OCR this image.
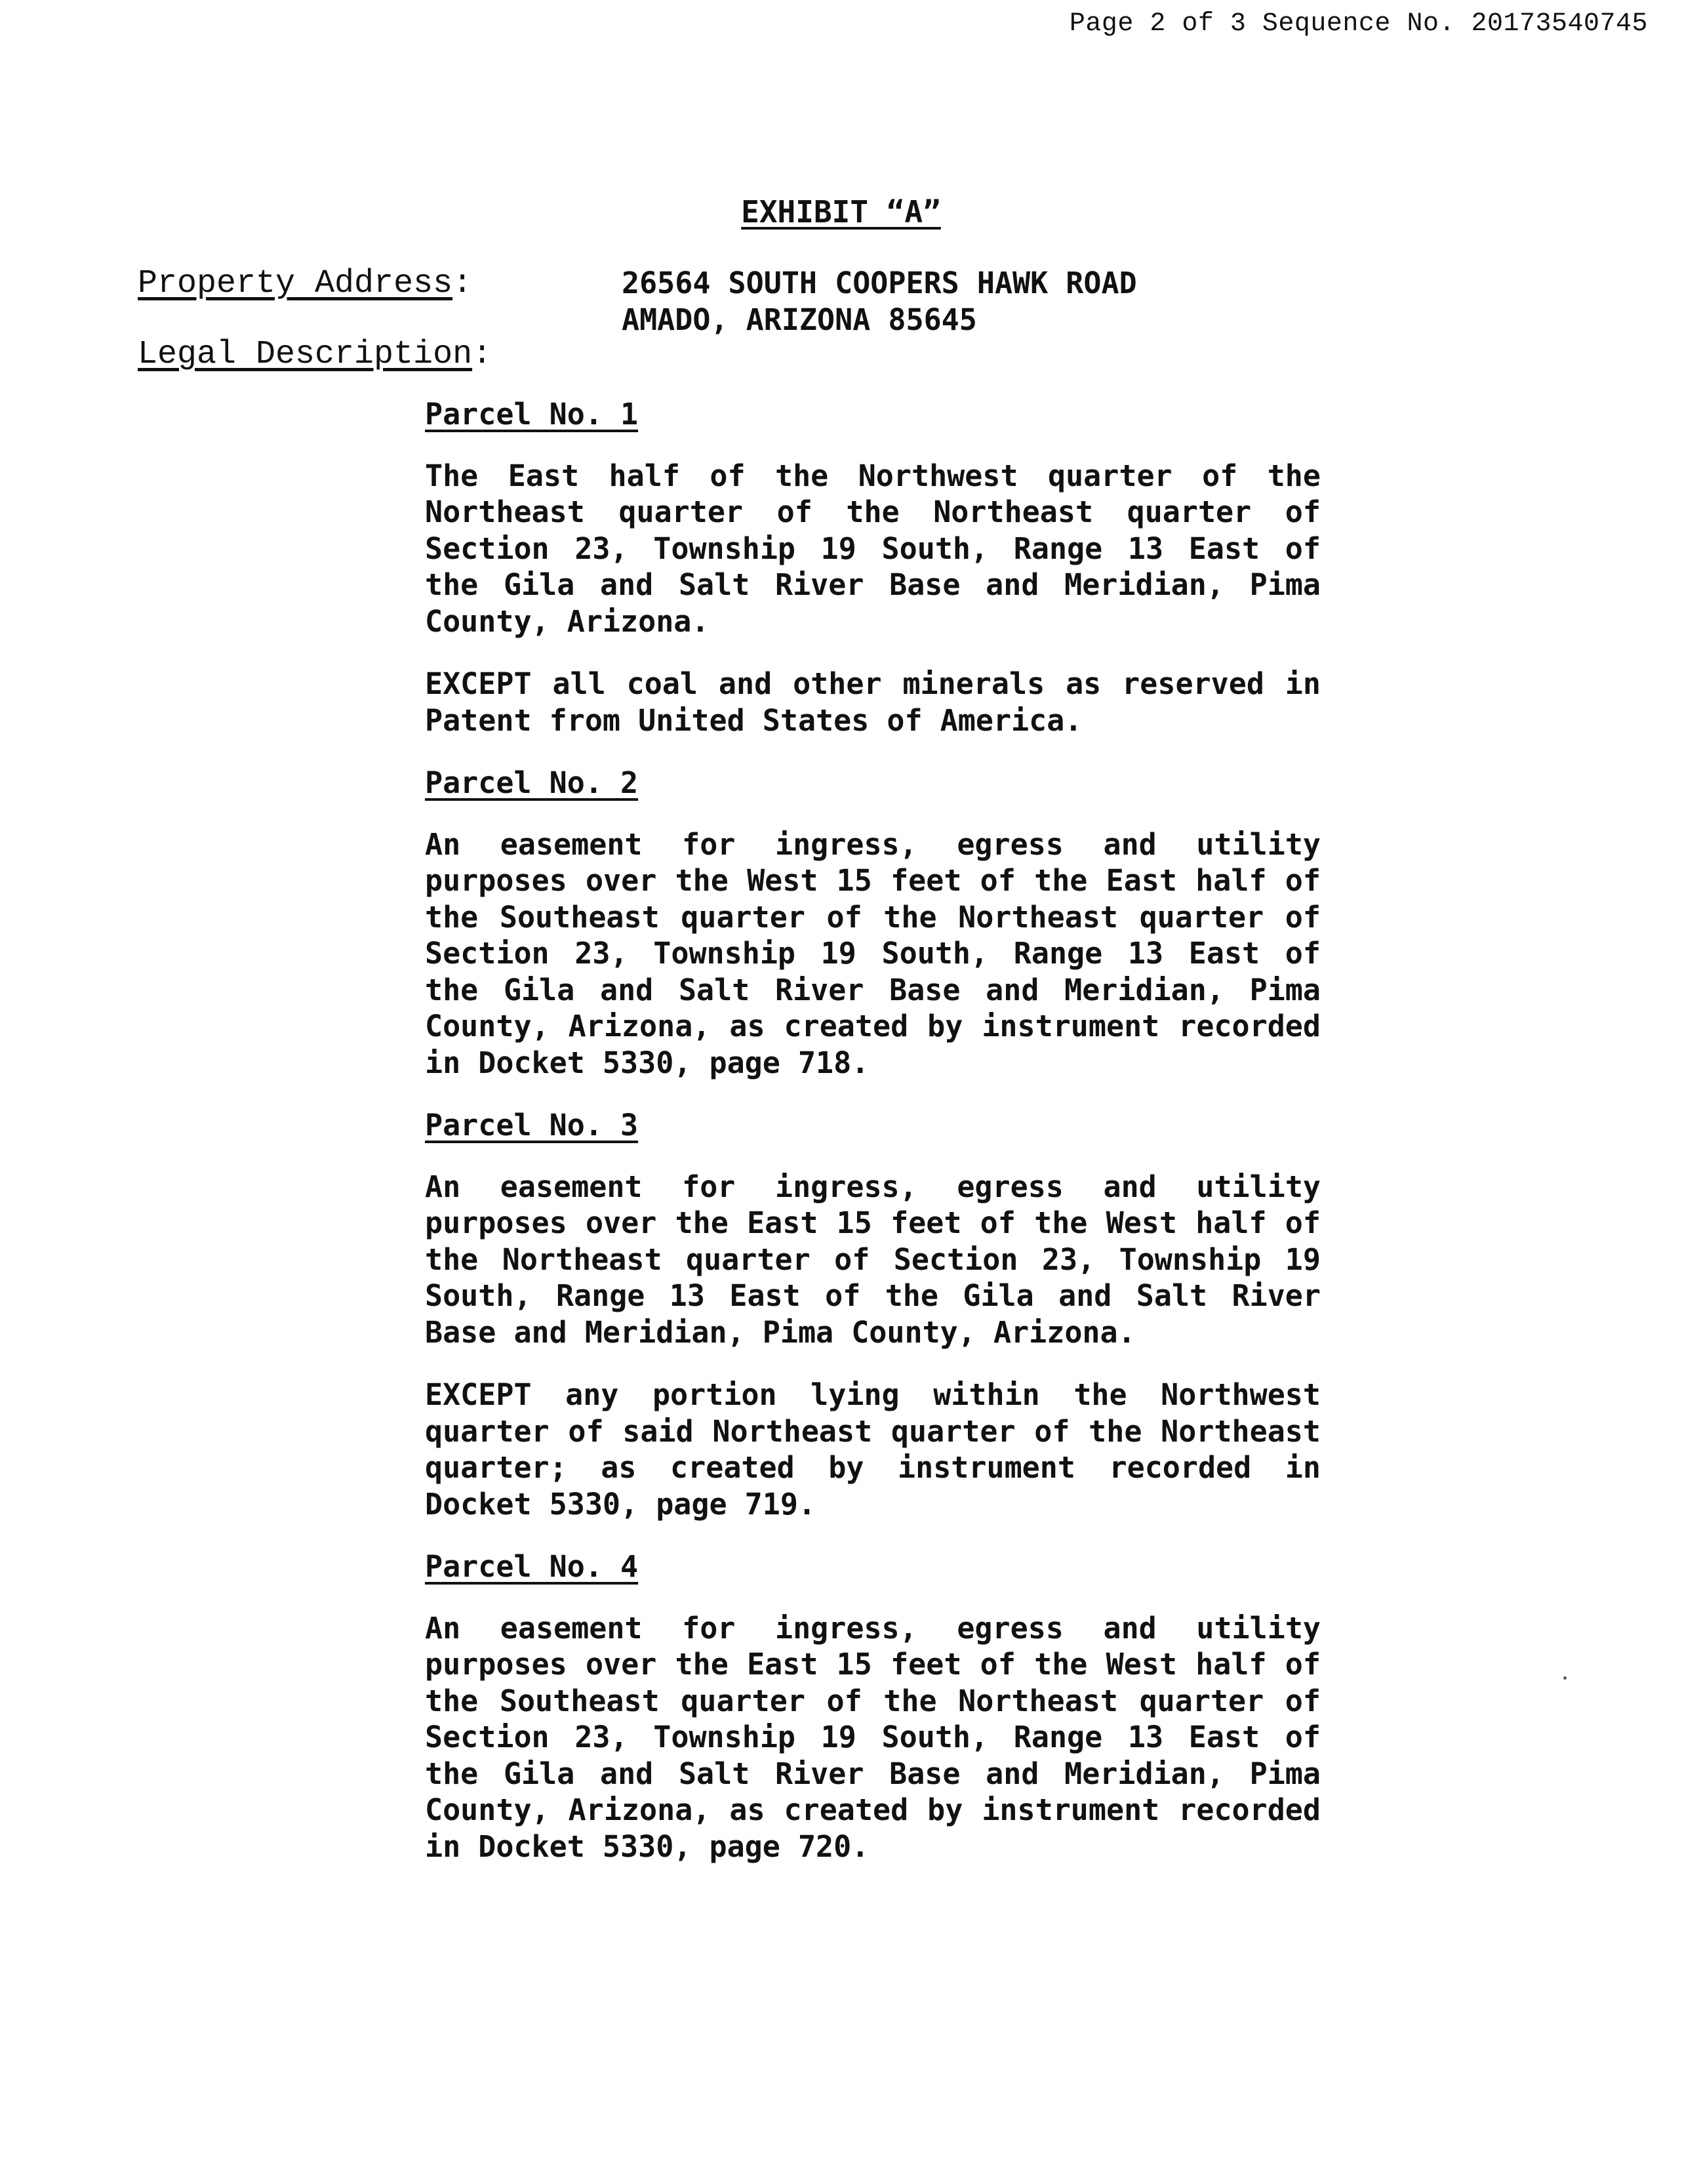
Page 2 of 3 Sequence No. 20173540745
EXHIBIT “A”
Property Address:	26564 SOUTH COOPERS HAWK ROAD
AMADO, ARIZONA 85645
Legal Description:
Parcel No. 1
The East half of the Northwest quarter of the Northeast quarter of the Northeast quarter of Section 23, Township 19 South, Range 13 East of the Gila and Salt River Base and Meridian, Pima County, Arizona.
EXCEPT all coal and other minerals as reserved in Patent from United States of America.
Parcel No. 2
An easement for ingress, egress and utility purposes over the West 15 feet of the East half of the Southeast quarter of the Northeast quarter of Section 23, Township 19 South, Range 13 East of the Gila and Salt River Base and Meridian, Pima County, Arizona, as created by instrument recorded in Docket 5330, page 718.
Parcel No. 3
An easement for ingress, egress and utility purposes over the East 15 feet of the West half of the Northeast quarter of Section 23, Township 19 South, Range 13 East of the Gila and Salt River Base and Meridian, Pima County, Arizona.
EXCEPT any portion lying within the Northwest quarter of said Northeast quarter of the Northeast quarter; as created by instrument recorded in Docket 5330, page 719.
Parcel No. 4
An easement for ingress, egress and utility purposes over the East 15 feet of the West half of the Southeast quarter of the Northeast quarter of Section 23, Township 19 South, Range 13 East of the Gila and Salt River Base and Meridian, Pima County, Arizona, as created by instrument recorded in Docket 5330, page 720.
